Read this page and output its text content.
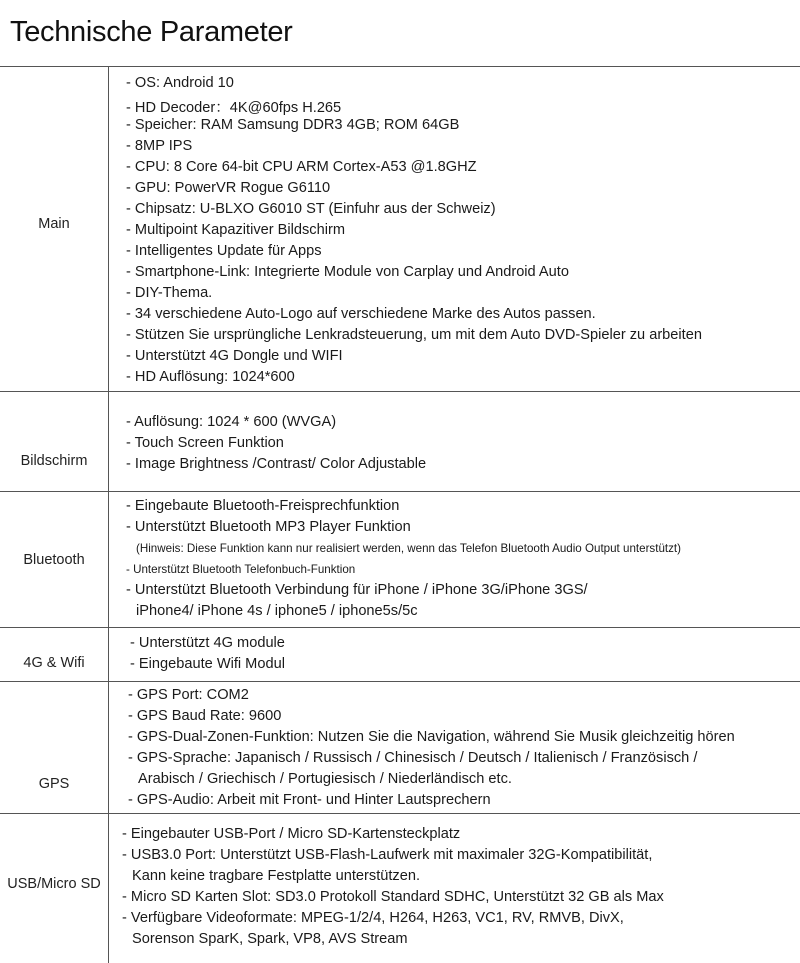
Technische Parameter
Main
- OS: Android 10
- HD Decoder：4K@60fps H.265
- Speicher: RAM Samsung DDR3 4GB; ROM 64GB
- 8MP IPS
- CPU: 8 Core 64-bit CPU ARM Cortex-A53 @1.8GHZ
- GPU: PowerVR Rogue G6110
- Chipsatz: U-BLXO G6010 ST (Einfuhr aus der Schweiz)
- Multipoint Kapazitiver Bildschirm
- Intelligentes Update für Apps
- Smartphone-Link: Integrierte Module von Carplay und Android Auto
- DIY-Thema.
- 34 verschiedene Auto-Logo auf verschiedene Marke des Autos passen.
- Stützen Sie ursprüngliche Lenkradsteuerung, um mit dem Auto DVD-Spieler zu arbeiten
- Unterstützt 4G Dongle und WIFI
- HD Auflösung: 1024*600
Bildschirm
- Auflösung: 1024 * 600 (WVGA)
- Touch Screen Funktion
- Image Brightness /Contrast/ Color Adjustable
Bluetooth
- Eingebaute Bluetooth-Freisprechfunktion
- Unterstützt Bluetooth MP3 Player Funktion
(Hinweis: Diese Funktion kann nur realisiert werden, wenn das Telefon Bluetooth Audio Output unterstützt)
- Unterstützt Bluetooth Telefonbuch-Funktion
- Unterstützt Bluetooth Verbindung für iPhone / iPhone 3G/iPhone 3GS/
iPhone4/ iPhone 4s / iphone5 / iphone5s/5c
4G & Wifi
- Unterstützt 4G module
- Eingebaute Wifi Modul
GPS
- GPS Port: COM2
- GPS Baud Rate: 9600
- GPS-Dual-Zonen-Funktion: Nutzen Sie die Navigation, während Sie Musik gleichzeitig hören
- GPS-Sprache: Japanisch / Russisch / Chinesisch / Deutsch / Italienisch / Französisch /
Arabisch / Griechisch / Portugiesisch / Niederländisch etc.
- GPS-Audio: Arbeit mit Front- und Hinter Lautsprechern
USB/Micro SD
- Eingebauter USB-Port / Micro SD-Kartensteckplatz
- USB3.0 Port: Unterstützt USB-Flash-Laufwerk mit maximaler 32G-Kompatibilität,
Kann keine tragbare Festplatte unterstützen.
- Micro SD Karten Slot: SD3.0 Protokoll Standard SDHC, Unterstützt 32 GB als Max
- Verfügbare Videoformate: MPEG-1/2/4, H264, H263, VC1, RV, RMVB, DivX,
Sorenson SparK, Spark, VP8, AVS Stream
